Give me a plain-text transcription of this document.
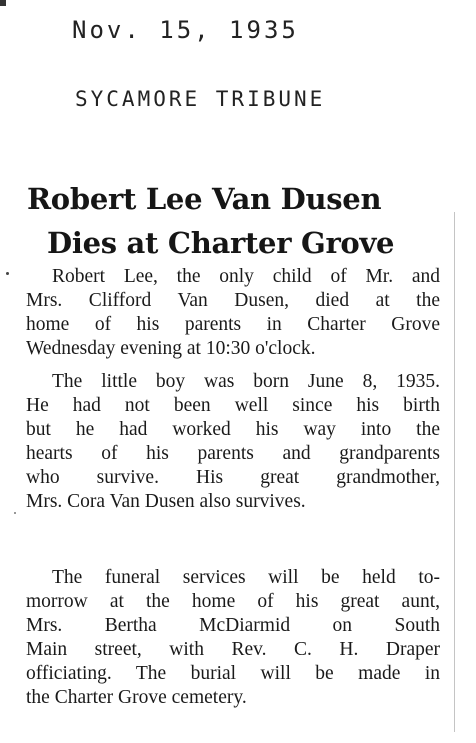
Nov. 15, 1935
SYCAMORE TRIBUNE
Robert Lee Van Dusen
Dies at Charter Grove

Robert Lee, the only child of Mr. and

Mrs. Clifford Van Dusen, died at the

home of his parents in Charter Grove

Wednesday evening at 10:30 o'clock.

The little boy was born June 8, 1935.

He had not been well since his birth

but he had worked his way into the

hearts of his parents and grandparents

who survive. His great grandmother,

Mrs. Cora Van Dusen also survives.

The funeral services will be held to-

morrow at the home of his great aunt,

Mrs. Bertha McDiarmid on South

Main street, with Rev. C. H. Draper

officiating. The burial will be made in

the Charter Grove cemetery.
